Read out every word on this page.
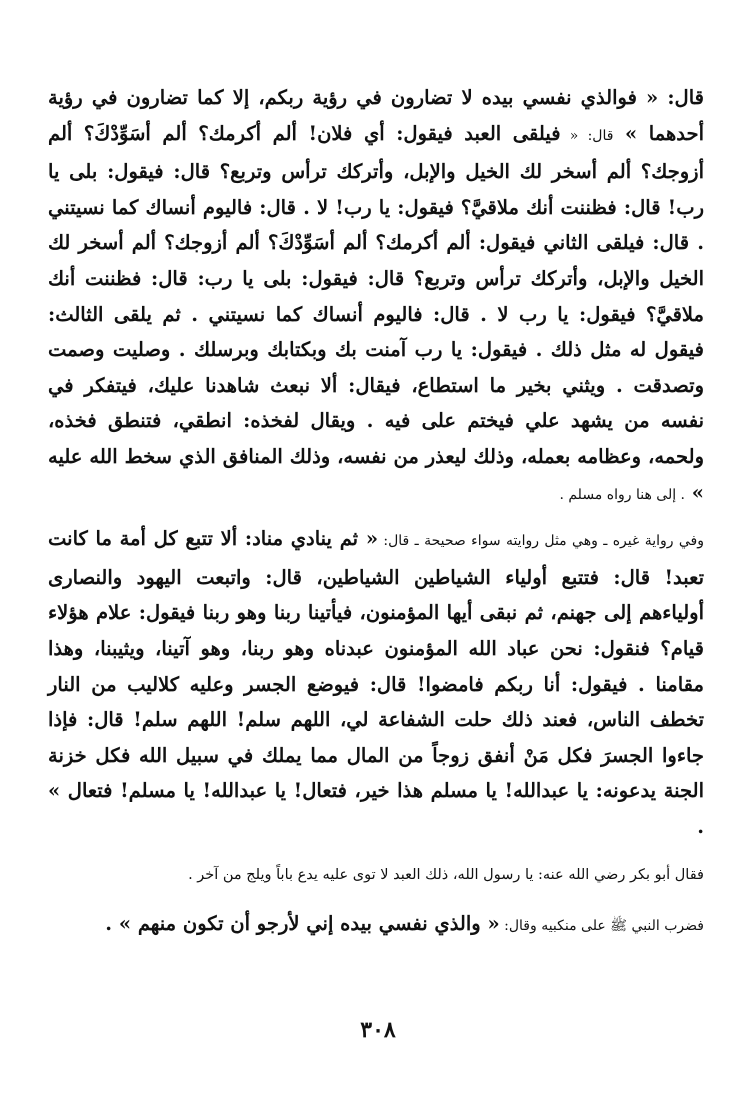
قال: « فوالذي نفسي بيده لا تضارون في رؤية ربكم، إلا كما تضارون في رؤية أحدهما » قال: « فيلقى العبد فيقول: أي فلان! ألم أكرمك؟ ألم أسَوِّدْكَ؟ ألم أزوجك؟ ألم أسخر لك الخيل والإبل، وأتركك ترأس وتربع؟ قال: فيقول: بلى يا رب! قال: فظننت أنك ملاقيَّ؟ فيقول: يا رب! لا . قال: فاليوم أنساك كما نسيتني . قال: فيلقى الثاني فيقول: ألم أكرمك؟ ألم أسَوِّدْكَ؟ ألم أزوجك؟ ألم أسخر لك الخيل والإبل، وأتركك ترأس وتربع؟ قال: فيقول: بلى يا رب: قال: فظننت أنك ملاقيَّ؟ فيقول: يا رب لا . قال: فاليوم أنساك كما نسيتني . ثم يلقى الثالث: فيقول له مثل ذلك . فيقول: يا رب آمنت بك وبكتابك وبرسلك . وصليت وصمت وتصدقت . ويثني بخير ما استطاع، فيقال: ألا نبعث شاهدنا عليك، فيتفكر في نفسه من يشهد علي فيختم على فيه . ويقال لفخذه: انطقي، فتنطق فخذه، ولحمه، وعظامه بعمله، وذلك ليعذر من نفسه، وذلك المنافق الذي سخط الله عليه » . إلى هنا رواه مسلم .

وفي رواية غيره ـ وهي مثل روايته سواء صحيحة ـ قال: « ثم ينادي مناد: ألا تتبع كل أمة ما كانت تعبد! قال: فتتبع أولياء الشياطين الشياطين، قال: واتبعت اليهود والنصارى أولياءهم إلى جهنم، ثم نبقى أيها المؤمنون، فيأتينا ربنا وهو ربنا فيقول: علام هؤلاء قيام؟ فنقول: نحن عباد الله المؤمنون عبدناه وهو ربنا، وهو آتينا، ويثيبنا، وهذا مقامنا . فيقول: أنا ربكم فامضوا! قال: فيوضع الجسر وعليه كلاليب من النار تخطف الناس، فعند ذلك حلت الشفاعة لي، اللهم سلم! اللهم سلم! قال: فإذا جاءوا الجسرَ فكل مَنْ أنفق زوجاً من المال مما يملك في سبيل الله فكل خزنة الجنة يدعونه: يا عبدالله! يا مسلم هذا خير، فتعال! يا عبدالله! يا مسلم! فتعال » .

فقال أبو بكر رضي الله عنه: يا رسول الله، ذلك العبد لا توى عليه يدع باباً ويلج من آخر .

فضرب النبي ﷺ على منكبيه وقال: « والذي نفسي بيده إني لأرجو أن تكون منهم » .

٣٠٨
